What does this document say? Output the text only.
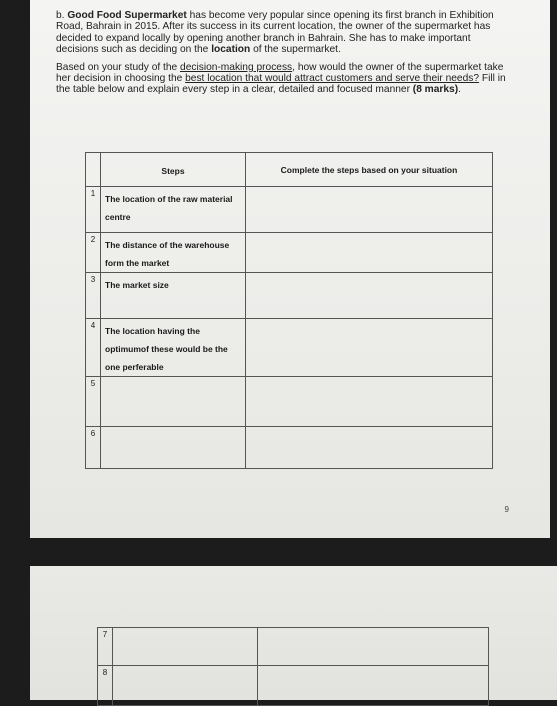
b. Good Food Supermarket has become very popular since opening its first branch in Exhibition Road, Bahrain in 2015. After its success in its current location, the owner of the supermarket has decided to expand locally by opening another branch in Bahrain. She has to make important decisions such as deciding on the location of the supermarket.

Based on your study of the decision-making process, how would the owner of the supermarket take her decision in choosing the best location that would attract customers and serve their needs? Fill in the table below and explain every step in a clear, detailed and focused manner (8 marks).

	Steps	Complete the steps based on your situation
1	The location of the raw material centre	
2	The distance of the warehouse form the market	
3	The market size	
4	The location having the optimumof these would be the one perferable	
5		
6		
9
7		
8		
